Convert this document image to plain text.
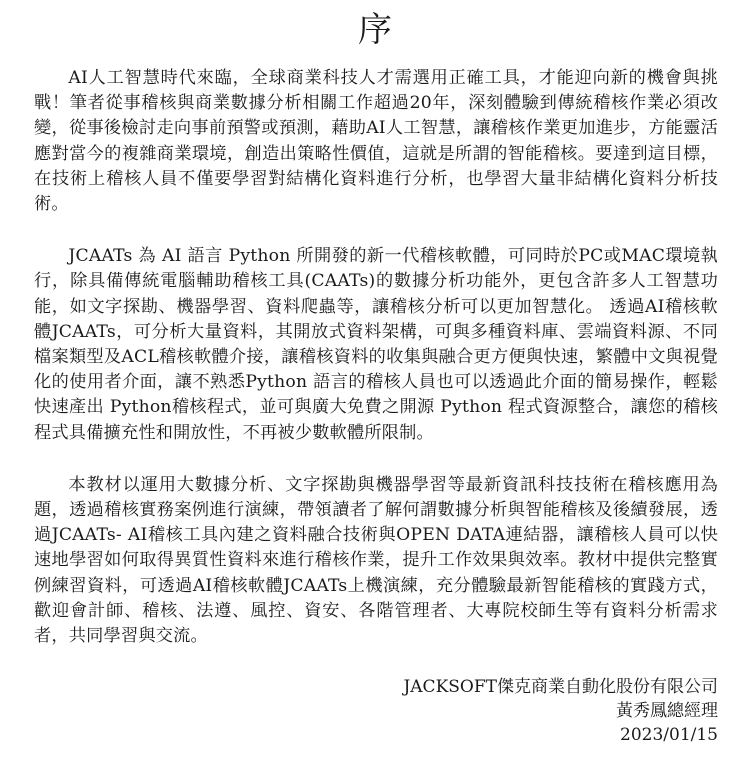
序

AI人工智慧時代來臨，全球商業科技人才需選用正確工具，才能迎向新的機會與挑戰！筆者從事稽核與商業數據分析相關工作超過20年，深刻體驗到傳統稽核作業必須改變，從事後檢討走向事前預警或預測，藉助AI人工智慧，讓稽核作業更加進步，方能靈活應對當今的複雜商業環境，創造出策略性價值，這就是所謂的智能稽核。要達到這目標，在技術上稽核人員不僅要學習對結構化資料進行分析，也學習大量非結構化資料分析技術。

JCAATs 為 AI 語言 Python 所開發的新一代稽核軟體，可同時於PC或MAC環境執行，除具備傳統電腦輔助稽核工具(CAATs)的數據分析功能外，更包含許多人工智慧功能，如文字探勘、機器學習、資料爬蟲等，讓稽核分析可以更加智慧化。 透過AI稽核軟體JCAATs，可分析大量資料，其開放式資料架構，可與多種資料庫、雲端資料源、不同檔案類型及ACL稽核軟體介接，讓稽核資料的收集與融合更方便與快速，繁體中文與視覺化的使用者介面，讓不熟悉Python 語言的稽核人員也可以透過此介面的簡易操作，輕鬆快速產出 Python稽核程式，並可與廣大免費之開源 Python 程式資源整合，讓您的稽核程式具備擴充性和開放性，不再被少數軟體所限制。

本教材以運用大數據分析、文字探勘與機器學習等最新資訊科技技術在稽核應用為題，透過稽核實務案例進行演練，帶領讀者了解何謂數據分析與智能稽核及後續發展，透過JCAATs- AI稽核工具內建之資料融合技術與OPEN DATA連結器，讓稽核人員可以快速地學習如何取得異質性資料來進行稽核作業，提升工作效果與效率。教材中提供完整實例練習資料，可透過AI稽核軟體JCAATs上機演練，充分體驗最新智能稽核的實踐方式，歡迎會計師、稽核、法遵、風控、資安、各階管理者、大專院校師生等有資料分析需求者，共同學習與交流。

JACKSOFT傑克商業自動化股份有限公司
黃秀鳳總經理
2023/01/15
